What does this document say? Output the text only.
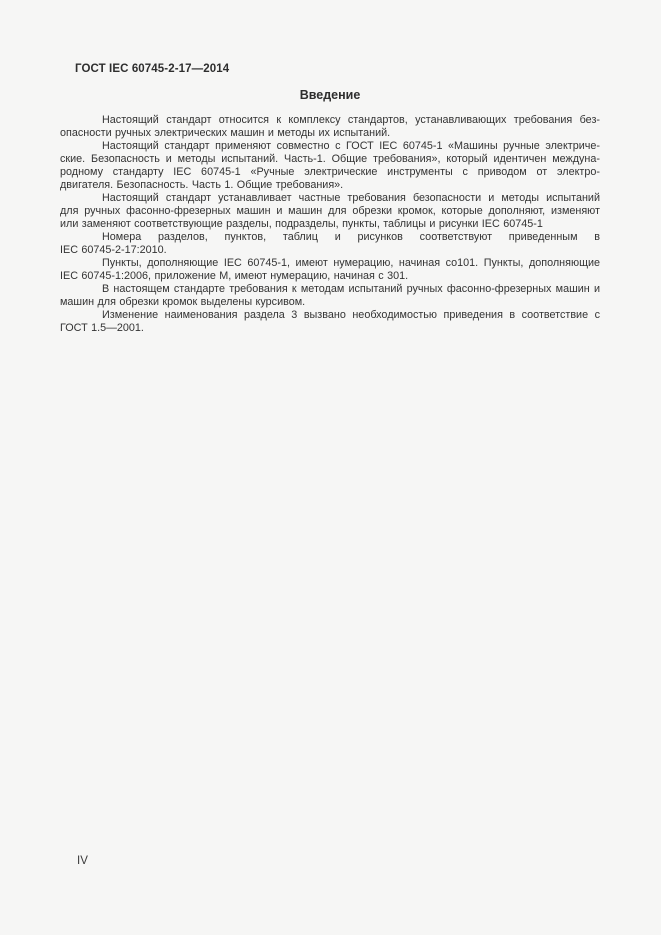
ГОСТ IEC 60745-2-17—2014
Введение
Настоящий стандарт относится к комплексу стандартов, устанавливающих требования без-
опасности ручных электрических машин и методы их испытаний.
Настоящий стандарт применяют совместно с ГОСТ IEC 60745-1 «Машины ручные электриче-
ские. Безопасность и методы испытаний. Часть-1. Общие требования», который идентичен междуна-
родному стандарту IEC 60745-1 «Ручные электрические инструменты с приводом от электро-
двигателя. Безопасность. Часть 1. Общие требования».
Настоящий стандарт устанавливает частные требования безопасности и методы испытаний
для ручных фасонно-фрезерных машин и машин для обрезки кромок, которые дополняют, изменяют
или заменяют соответствующие разделы, подразделы, пункты, таблицы и рисунки IEC 60745-1
Номера разделов, пунктов, таблиц и рисунков соответствуют приведенным в
IEC 60745-2-17:2010.
Пункты, дополняющие IEC 60745-1, имеют нумерацию, начиная со101. Пункты, дополняющие
IEC 60745-1:2006, приложение М, имеют нумерацию, начиная с 301.
В настоящем стандарте требования к методам испытаний ручных фасонно-фрезерных машин и
машин для обрезки кромок выделены курсивом.
Изменение наименования раздела 3 вызвано необходимостью приведения в соответствие с
ГОСТ 1.5—2001.
IV
